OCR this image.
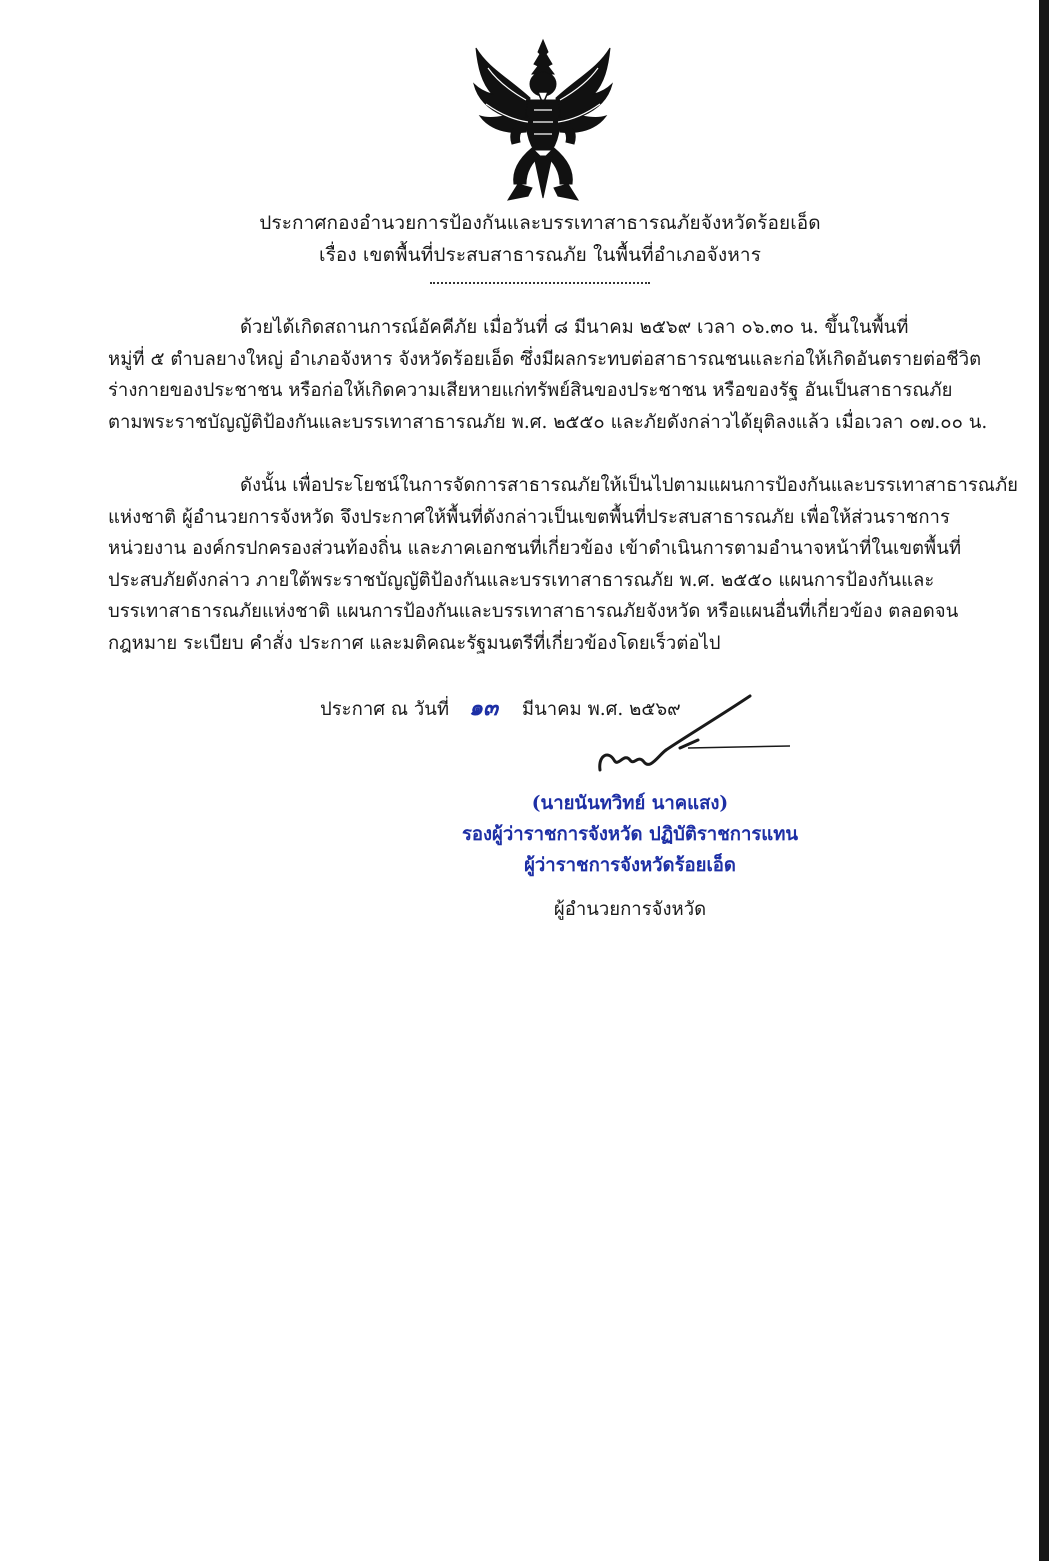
ประกาศกองอำนวยการป้องกันและบรรเทาสาธารณภัยจังหวัดร้อยเอ็ด
เรื่อง เขตพื้นที่ประสบสาธารณภัย ในพื้นที่อำเภอจังหาร
ด้วยได้เกิดสถานการณ์อัคคีภัย เมื่อวันที่ ๘ มีนาคม ๒๕๖๙ เวลา ๐๖.๓๐ น. ขึ้นในพื้นที่
หมู่ที่ ๕ ตำบลยางใหญ่ อำเภอจังหาร จังหวัดร้อยเอ็ด ซึ่งมีผลกระทบต่อสาธารณชนและก่อให้เกิดอันตรายต่อชีวิต
ร่างกายของประชาชน หรือก่อให้เกิดความเสียหายแก่ทรัพย์สินของประชาชน หรือของรัฐ อันเป็นสาธารณภัย
ตามพระราชบัญญัติป้องกันและบรรเทาสาธารณภัย พ.ศ. ๒๕๕๐ และภัยดังกล่าวได้ยุติลงแล้ว เมื่อเวลา ๐๗.๐๐ น.
ดังนั้น เพื่อประโยชน์ในการจัดการสาธารณภัยให้เป็นไปตามแผนการป้องกันและบรรเทาสาธารณภัย
แห่งชาติ ผู้อำนวยการจังหวัด จึงประกาศให้พื้นที่ดังกล่าวเป็นเขตพื้นที่ประสบสาธารณภัย เพื่อให้ส่วนราชการ
หน่วยงาน องค์กรปกครองส่วนท้องถิ่น และภาคเอกชนที่เกี่ยวข้อง เข้าดำเนินการตามอำนาจหน้าที่ในเขตพื้นที่
ประสบภัยดังกล่าว ภายใต้พระราชบัญญัติป้องกันและบรรเทาสาธารณภัย พ.ศ. ๒๕๕๐ แผนการป้องกันและ
บรรเทาสาธารณภัยแห่งชาติ แผนการป้องกันและบรรเทาสาธารณภัยจังหวัด หรือแผนอื่นที่เกี่ยวข้อง ตลอดจน
กฎหมาย ระเบียบ คำสั่ง ประกาศ และมติคณะรัฐมนตรีที่เกี่ยวข้องโดยเร็วต่อไป
ประกาศ ณ วันที่ ๑๓ มีนาคม พ.ศ. ๒๕๖๙
(นายนันทวิทย์ นาคแสง)
รองผู้ว่าราชการจังหวัด ปฏิบัติราชการแทน
ผู้ว่าราชการจังหวัดร้อยเอ็ด
ผู้อำนวยการจังหวัด
